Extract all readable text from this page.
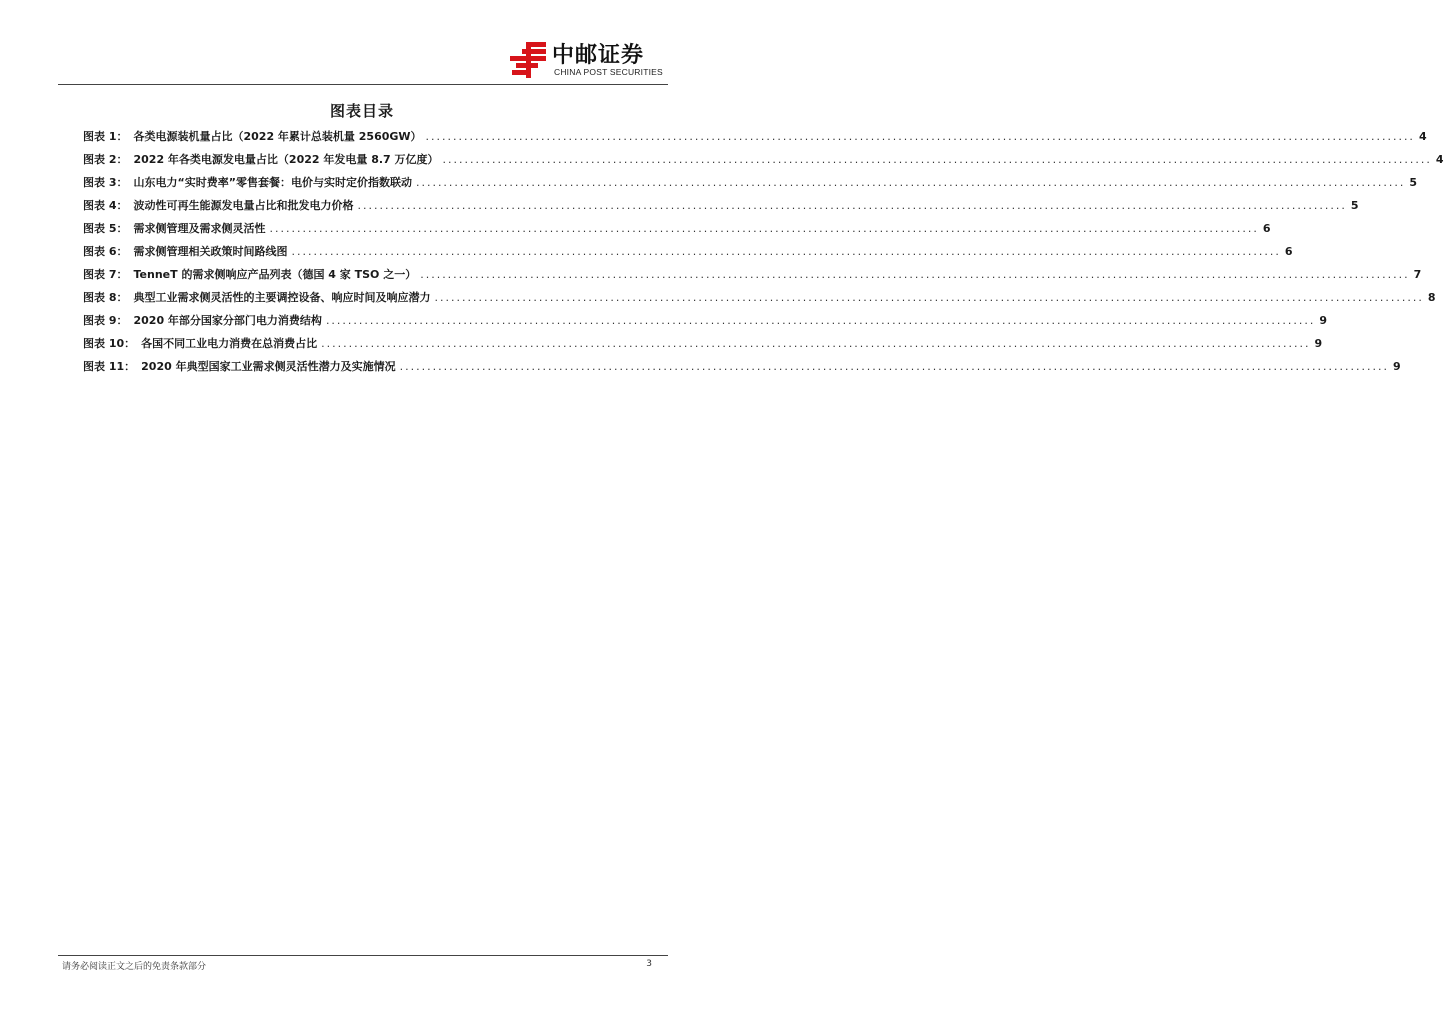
中邮证券
CHINA POST SECURITIES
图表目录
图表 1： 各类电源装机量占比（2022 年累计总装机量 2560GW） .....	4
图表 2： 2022 年各类电源发电量占比（2022 年发电量 8.7 万亿度） .....	4
图表 3： 山东电力“实时费率”零售套餐：电价与实时定价指数联动 .....	5
图表 4： 波动性可再生能源发电量占比和批发电力价格 .....	5
图表 5： 需求侧管理及需求侧灵活性 .....	6
图表 6： 需求侧管理相关政策时间路线图 .....	6
图表 7： TenneT 的需求侧响应产品列表（德国 4 家 TSO 之一） .....	7
图表 8： 典型工业需求侧灵活性的主要调控设备、响应时间及响应潜力 .....	8
图表 9： 2020 年部分国家分部门电力消费结构 .....	9
图表 10： 各国不同工业电力消费在总消费占比 .....	9
图表 11： 2020 年典型国家工业需求侧灵活性潜力及实施情况 .....	9
请务必阅读正文之后的免责条款部分	3
